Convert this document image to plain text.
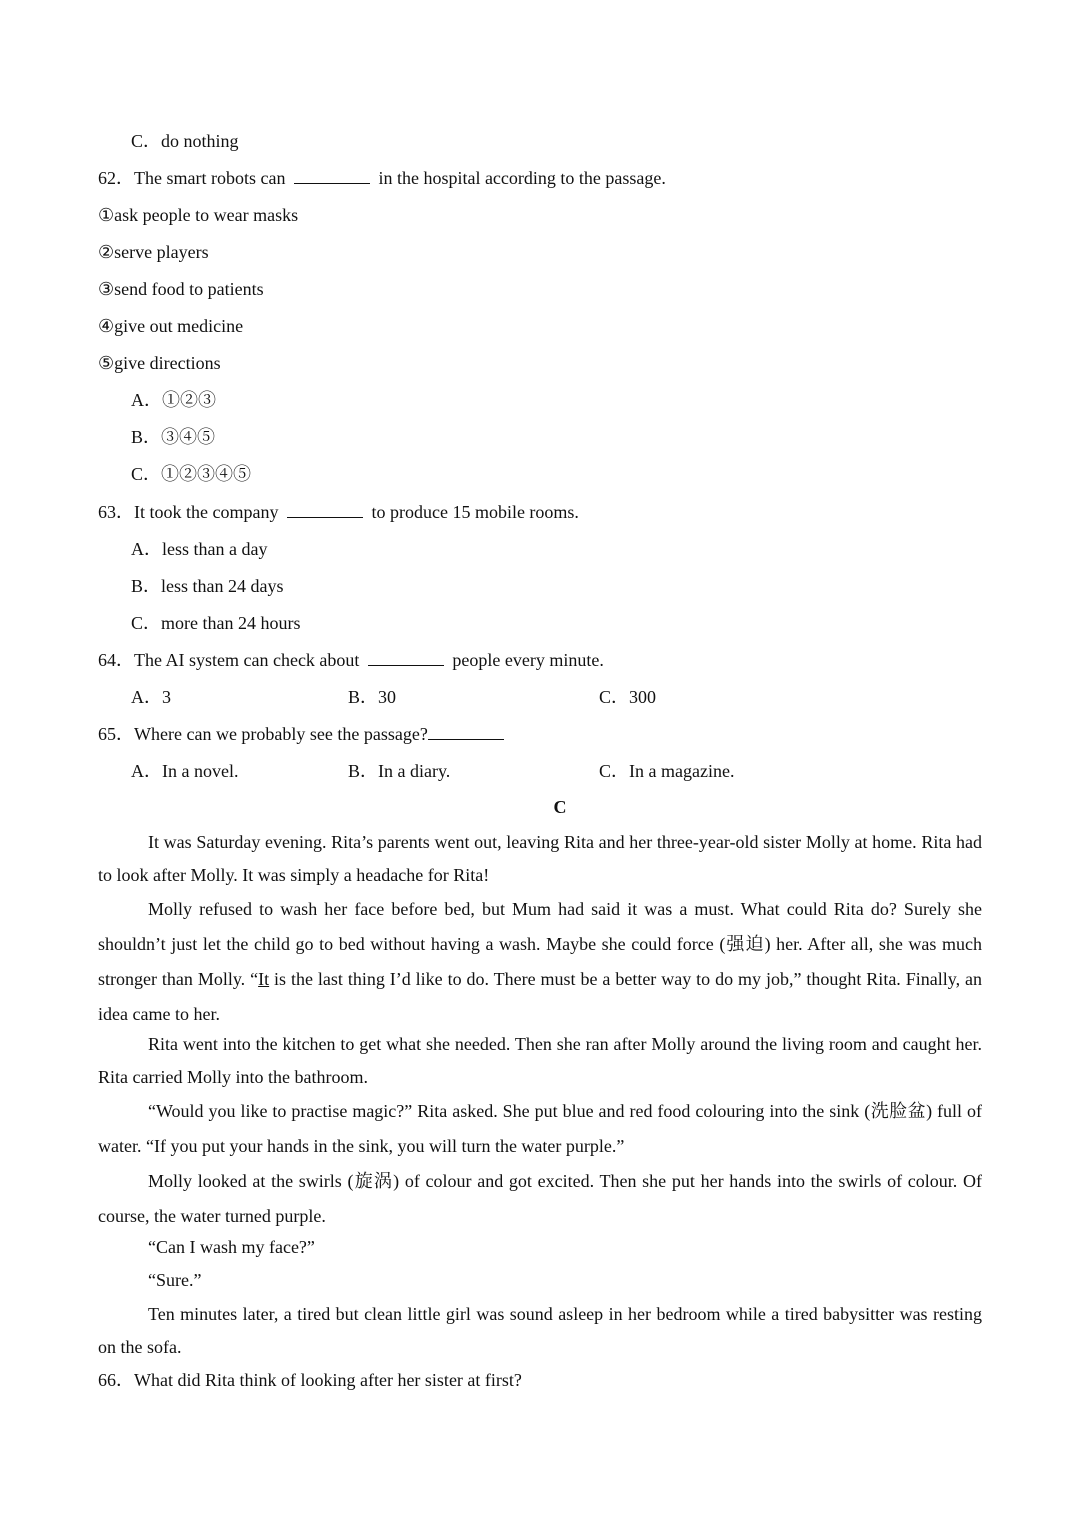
C．do nothing
62．The smart robots can	in the hospital according to the passage.
①ask people to wear masks
②serve players
③send food to patients
④give out medicine
⑤give directions
A．①②③
B．③④⑤
C．①②③④⑤
63．It took the company	to produce 15 mobile rooms.
A．less than a day
B．less than 24 days
C．more than 24 hours
64．The AI system can check about	people every minute.
A．3	B．30	C．300
65．Where can we probably see the passage?
A．In a novel.	B．In a diary.	C．In a magazine.
C

It was Saturday evening. Rita’s parents went out, leaving Rita and her three-year-old sister Molly at home. Rita had to look after Molly. It was simply a headache for Rita!

Molly refused to wash her face before bed, but Mum had said it was a must. What could Rita do? Surely she shouldn’t just let the child go to bed without having a wash. Maybe she could force (强迫) her. After all, she was much stronger than Molly. “It is the last thing I’d like to do. There must be a better way to do my job,” thought Rita. Finally, an idea came to her.

Rita went into the kitchen to get what she needed. Then she ran after Molly around the living room and caught her. Rita carried Molly into the bathroom.

“Would you like to practise magic?” Rita asked. She put blue and red food colouring into the sink (洗脸盆) full of water. “If you put your hands in the sink, you will turn the water purple.”

Molly looked at the swirls (旋涡) of colour and got excited. Then she put her hands into the swirls of colour. Of course, the water turned purple.

“Can I wash my face?”
“Sure.”

Ten minutes later, a tired but clean little girl was sound asleep in her bedroom while a tired babysitter was resting on the sofa.

66．What did Rita think of looking after her sister at first?
